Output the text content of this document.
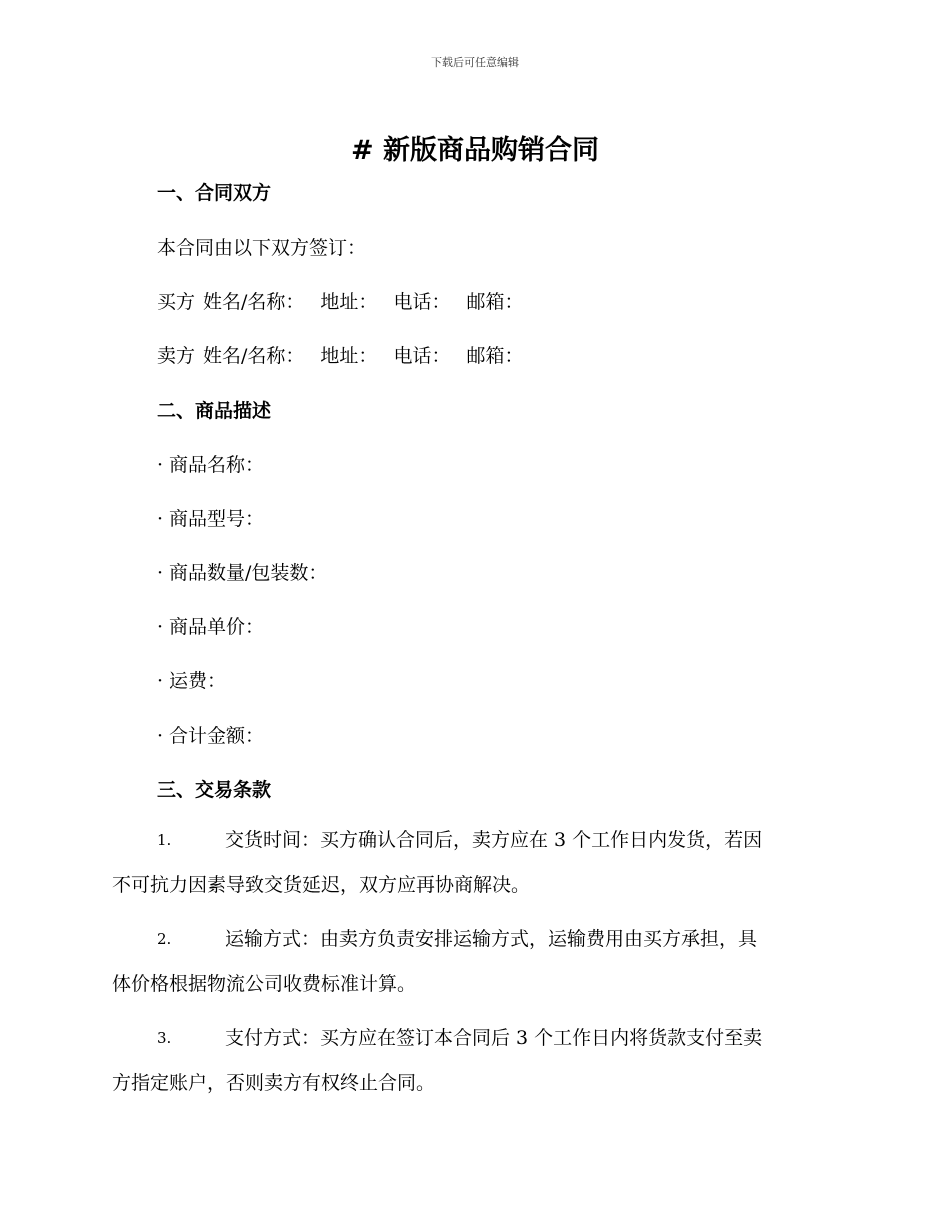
下载后可任意编辑
# 新版商品购销合同
一、合同双方
本合同由以下双方签订：
买方 姓名/名称： 地址： 电话： 邮箱：
卖方 姓名/名称： 地址： 电话： 邮箱：
二、商品描述
· 商品名称：
· 商品型号：
· 商品数量/包装数：
· 商品单价：
· 运费：
· 合计金额：
三、交易条款
1.	交货时间：买方确认合同后，卖方应在 3 个工作日内发货，若因
不可抗力因素导致交货延迟，双方应再协商解决。
2.	运输方式：由卖方负责安排运输方式，运输费用由买方承担，具
体价格根据物流公司收费标准计算。
3.	支付方式：买方应在签订本合同后 3 个工作日内将货款支付至卖
方指定账户，否则卖方有权终止合同。
